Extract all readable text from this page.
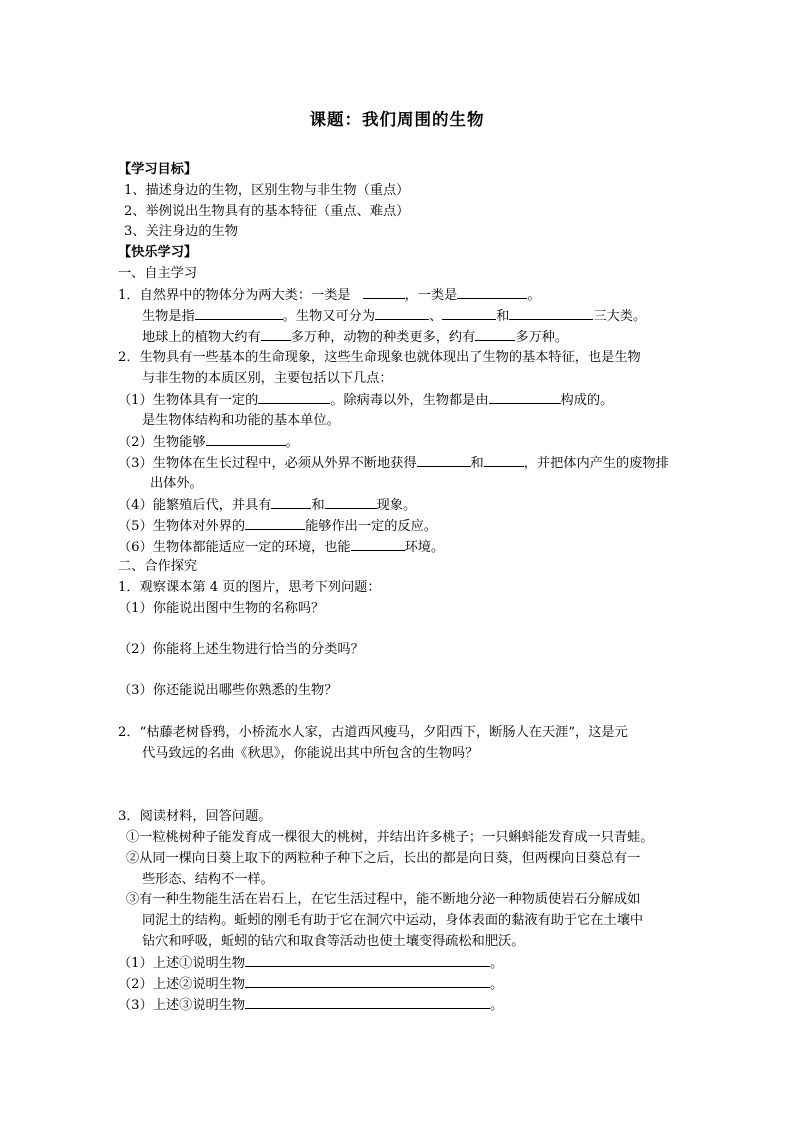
课题：我们周围的生物
【学习目标】
1、描述身边的生物，区别生物与非生物（重点）
2、举例说出生物具有的基本特征（重点、难点）
3、关注身边的生物
【快乐学习】
一、自主学习
1．自然界中的物体分为两大类：一类是	，一类是	。
生物是指	。生物又可分为	、	和	三大类。
地球上的植物大约有 多万种，动物的种类更多，约有	多万种。
2．生物具有一些基本的生命现象，这些生命现象也就体现出了生物的基本特征，也是生物
与非生物的本质区别，主要包括以下几点：
（1）生物体具有一定的	。除病毒以外，生物都是由	构成的。
是生物体结构和功能的基本单位。
（2）生物能够	。
（3）生物体在生长过程中，必须从外界不断地获得	和	，并把体内产生的废物排
出体外。
（4）能繁殖后代，并具有	和	现象。
（5）生物体对外界的	能够作出一定的反应。
（6）生物体都能适应一定的环境，也能	环境。
二、合作探究
1．观察课本第 4 页的图片，思考下列问题：
（1）你能说出图中生物的名称吗？
（2）你能将上述生物进行恰当的分类吗？
（3）你还能说出哪些你熟悉的生物？
2．“枯藤老树昏鸦，小桥流水人家，古道西风瘦马，夕阳西下，断肠人在天涯”，这是元
代马致远的名曲《秋思》，你能说出其中所包含的生物吗？
3．阅读材料，回答问题。
①一粒桃树种子能发育成一棵很大的桃树，并结出许多桃子；一只蝌蚪能发育成一只青蛙。
②从同一棵向日葵上取下的两粒种子种下之后，长出的都是向日葵，但两棵向日葵总有一
些形态、结构不一样。
③有一种生物能生活在岩石上，在它生活过程中，能不断地分泌一种物质使岩石分解成如
同泥土的结构。蚯蚓的刚毛有助于它在洞穴中运动，身体表面的黏液有助于它在土壤中
钻穴和呼吸，蚯蚓的钻穴和取食等活动也使土壤变得疏松和肥沃。
（1）上述①说明生物	。
（2）上述②说明生物	。
（3）上述③说明生物	。
